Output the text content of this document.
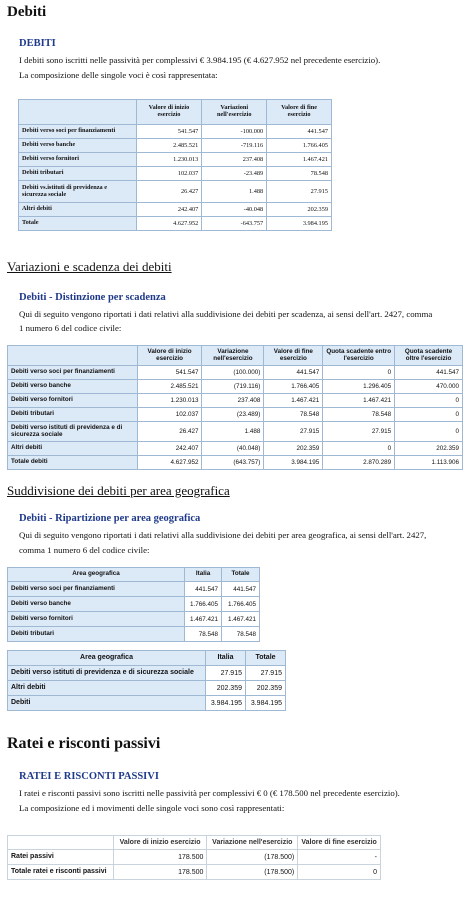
Debiti
DEBITI
I debiti sono iscritti nelle passività per complessivi € 3.984.195 (€ 4.627.952 nel precedente esercizio).
La composizione delle singole voci è così rappresentata:
	Valore di inizio esercizio	Variazioni nell'esercizio	Valore di fine esercizio
Debiti verso soci per finanziamenti	541.547	-100.000	441.547
Debiti verso banche	2.485.521	-719.116	1.766.405
Debiti verso fornitori	1.230.013	237.408	1.467.421
Debiti tributari	102.037	-23.489	78.548
Debiti vs.istituti di previdenza e sicurezza sociale	26.427	1.488	27.915
Altri debiti	242.407	-40.048	202.359
Totale	4.627.952	-643.757	3.984.195
Variazioni e scadenza dei debiti
Debiti - Distinzione per scadenza
Qui di seguito vengono riportati i dati relativi alla suddivisione dei debiti per scadenza, ai sensi dell'art. 2427, comma
1 numero 6 del codice civile:
	Valore di inizio esercizio	Variazione nell'esercizio	Valore di fine esercizio	Quota scadente entro l'esercizio	Quota scadente oltre l'esercizio
Debiti verso soci per finanziamenti	541.547	(100.000)	441.547	0	441.547
Debiti verso banche	2.485.521	(719.116)	1.766.405	1.296.405	470.000
Debiti verso fornitori	1.230.013	237.408	1.467.421	1.467.421	0
Debiti tributari	102.037	(23.489)	78.548	78.548	0
Debiti verso istituti di previdenza e di sicurezza sociale	26.427	1.488	27.915	27.915	0
Altri debiti	242.407	(40.048)	202.359	0	202.359
Totale debiti	4.627.952	(643.757)	3.984.195	2.870.289	1.113.906
Suddivisione dei debiti per area geografica
Debiti - Ripartizione per area geografica
Qui di seguito vengono riportati i dati relativi alla suddivisione dei debiti per area geografica, ai sensi dell'art. 2427,
comma 1 numero 6 del codice civile:
Area geografica	Italia	Totale
Debiti verso soci per finanziamenti	441.547	441.547
Debiti verso banche	1.766.405	1.766.405
Debiti verso fornitori	1.467.421	1.467.421
Debiti tributari	78.548	78.548
Area geografica	Italia	Totale
Debiti verso istituti di previdenza e di sicurezza sociale	27.915	27.915
Altri debiti	202.359	202.359
Debiti	3.984.195	3.984.195
Ratei e risconti passivi
RATEI E RISCONTI PASSIVI
I ratei e risconti passivi sono iscritti nelle passività per complessivi € 0 (€ 178.500 nel precedente esercizio).
La composizione ed i movimenti delle singole voci sono così rappresentati:
	Valore di inizio esercizio	Variazione nell'esercizio	Valore di fine esercizio
Ratei passivi	178.500	(178.500)	-
Totale ratei e risconti passivi	178.500	(178.500)	0
